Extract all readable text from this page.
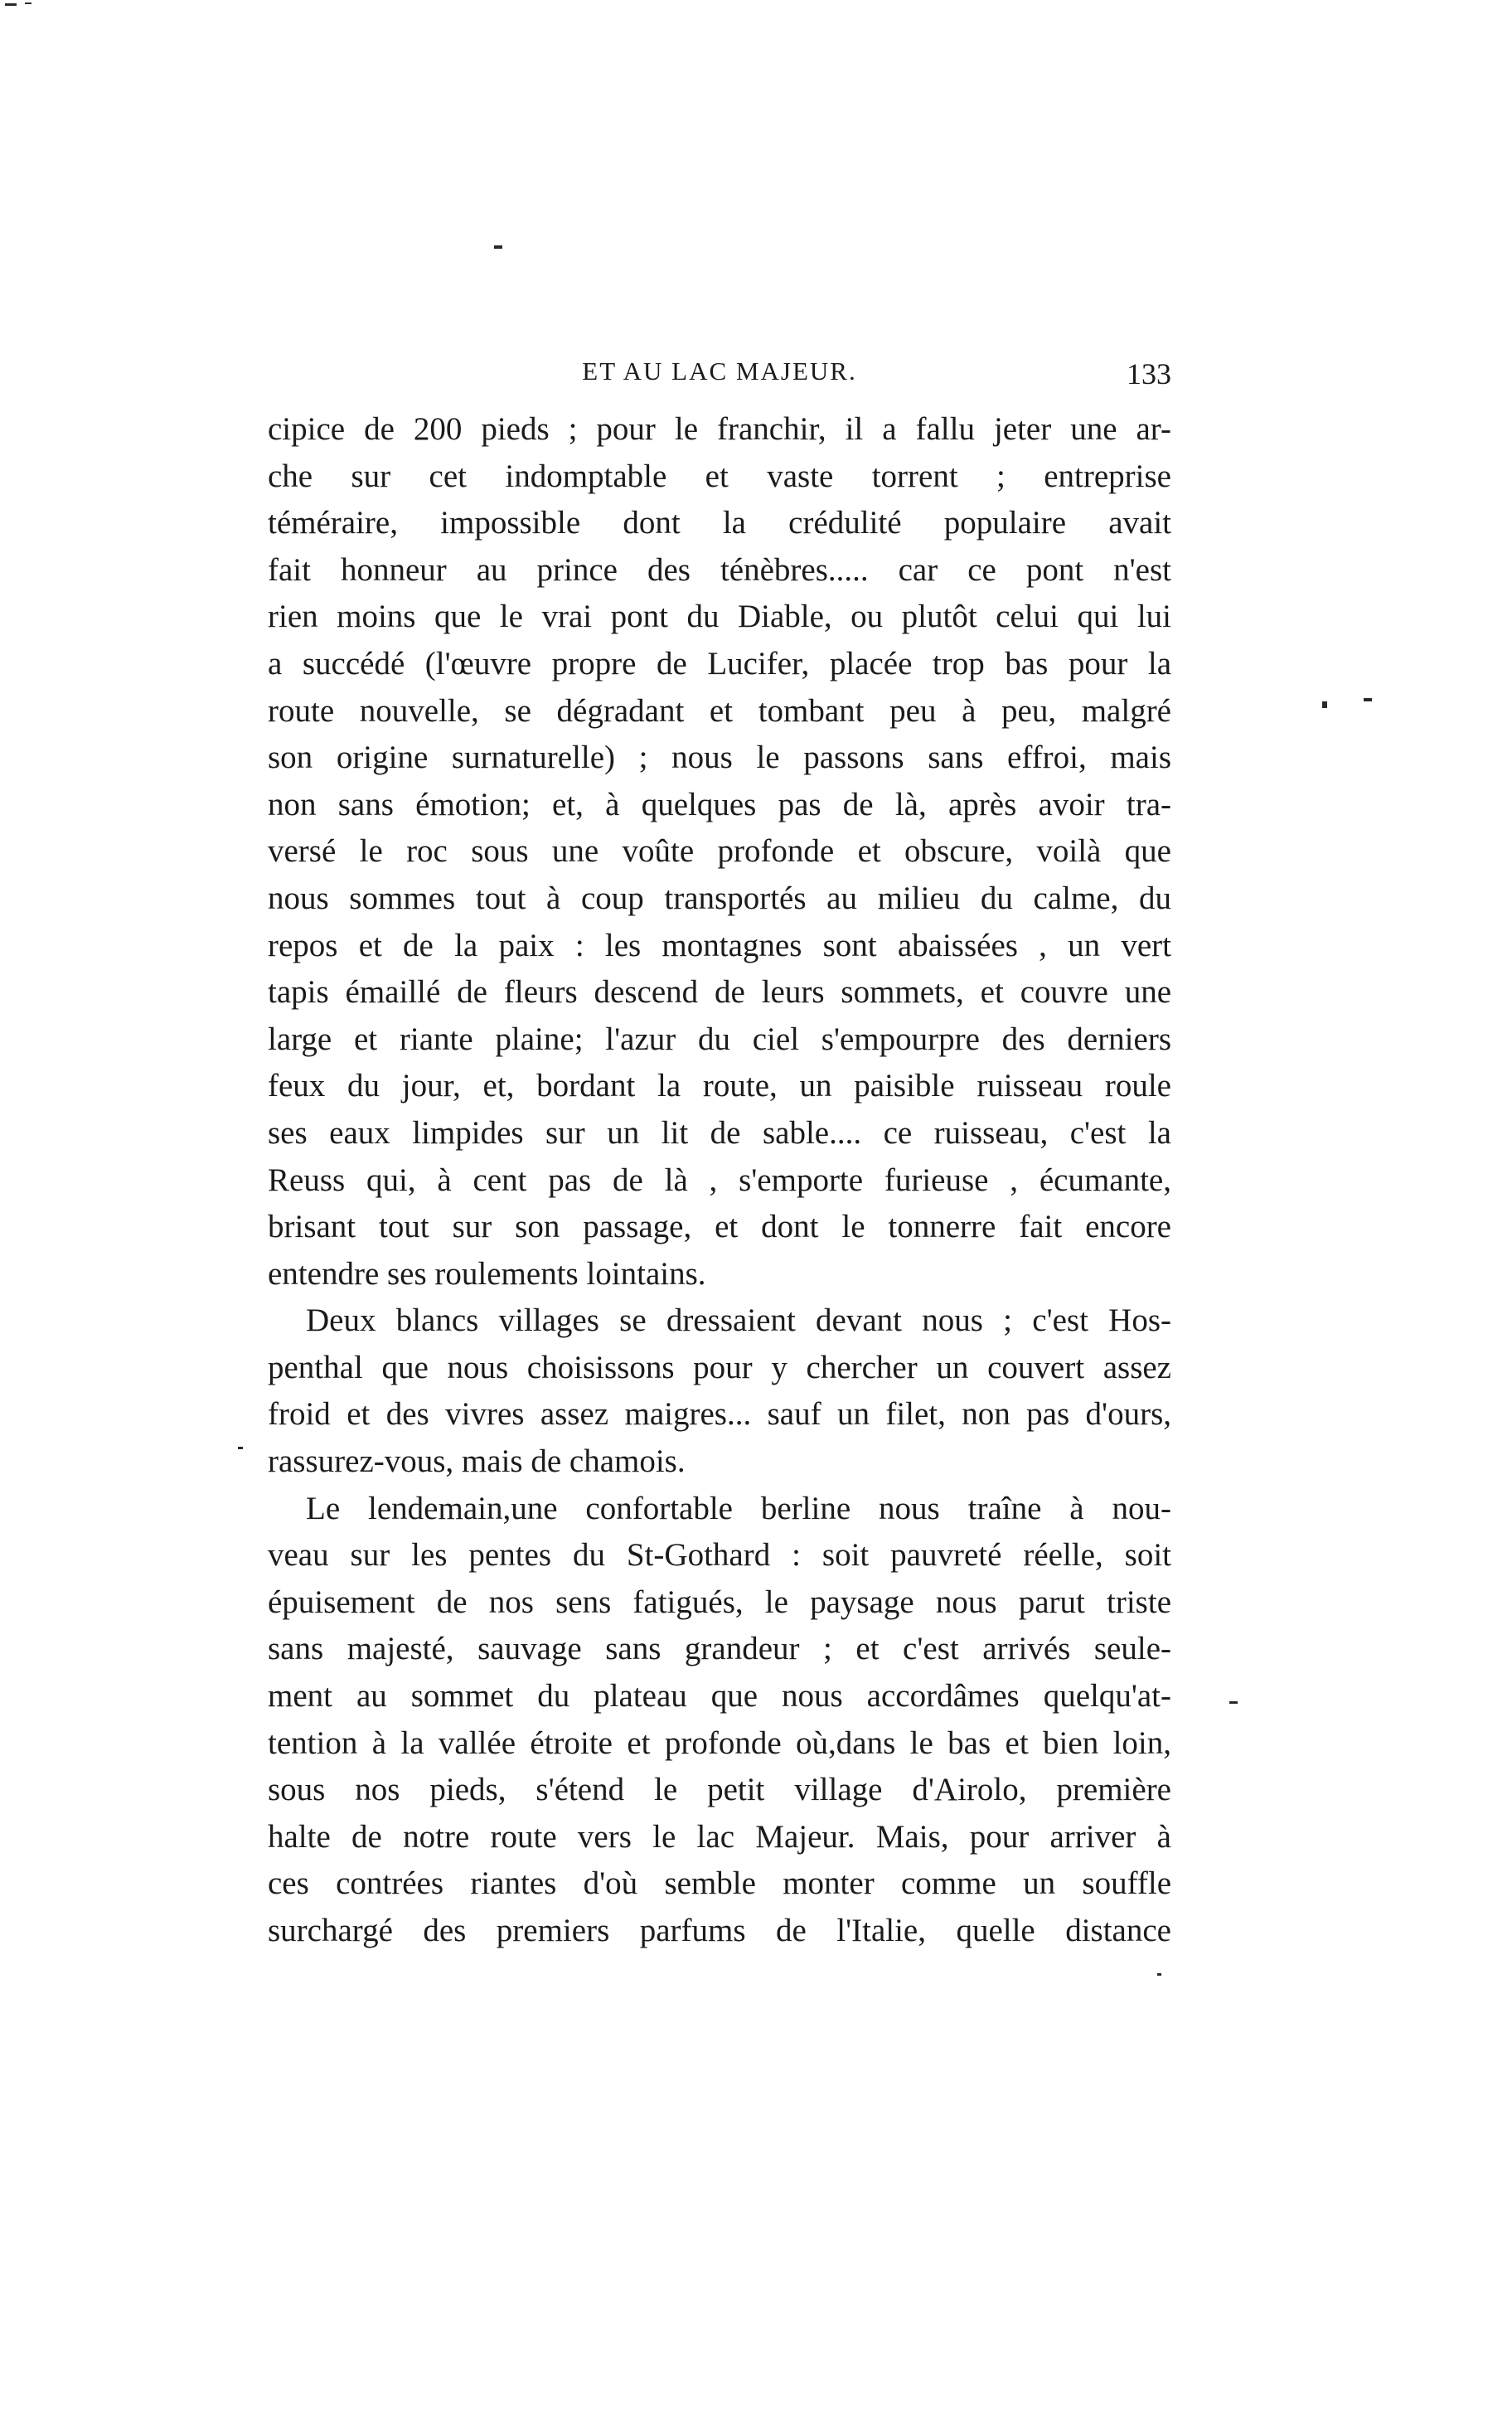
ET AU LAC MAJEUR.	133
cipice de 200 pieds ; pour le franchir, il a fallu jeter une ar-
che sur cet indomptable et vaste torrent ; entreprise
téméraire, impossible dont la crédulité populaire avait
fait honneur au prince des ténèbres..... car ce pont n'est
rien moins que le vrai pont du Diable, ou plutôt celui qui lui
a succédé (l'œuvre propre de Lucifer, placée trop bas pour la
route nouvelle, se dégradant et tombant peu à peu, malgré
son origine surnaturelle) ; nous le passons sans effroi, mais
non sans émotion; et, à quelques pas de là, après avoir tra-
versé le roc sous une voûte profonde et obscure, voilà que
nous sommes tout à coup transportés au milieu du calme, du
repos et de la paix : les montagnes sont abaissées , un vert
tapis émaillé de fleurs descend de leurs sommets, et couvre une
large et riante plaine; l'azur du ciel s'empourpre des derniers
feux du jour, et, bordant la route, un paisible ruisseau roule
ses eaux limpides sur un lit de sable.... ce ruisseau, c'est la
Reuss qui, à cent pas de là , s'emporte furieuse , écumante,
brisant tout sur son passage, et dont le tonnerre fait encore
entendre ses roulements lointains.
Deux blancs villages se dressaient devant nous ; c'est Hos-
penthal que nous choisissons pour y chercher un couvert assez
froid et des vivres assez maigres... sauf un filet, non pas d'ours,
rassurez-vous, mais de chamois.
Le lendemain,une confortable berline nous traîne à nou-
veau sur les pentes du St-Gothard : soit pauvreté réelle, soit
épuisement de nos sens fatigués, le paysage nous parut triste
sans majesté, sauvage sans grandeur ; et c'est arrivés seule-
ment au sommet du plateau que nous accordâmes quelqu'at-
tention à la vallée étroite et profonde où,dans le bas et bien loin,
sous nos pieds, s'étend le petit village d'Airolo, première
halte de notre route vers le lac Majeur. Mais, pour arriver à
ces contrées riantes d'où semble monter comme un souffle
surchargé des premiers parfums de l'Italie, quelle distance
